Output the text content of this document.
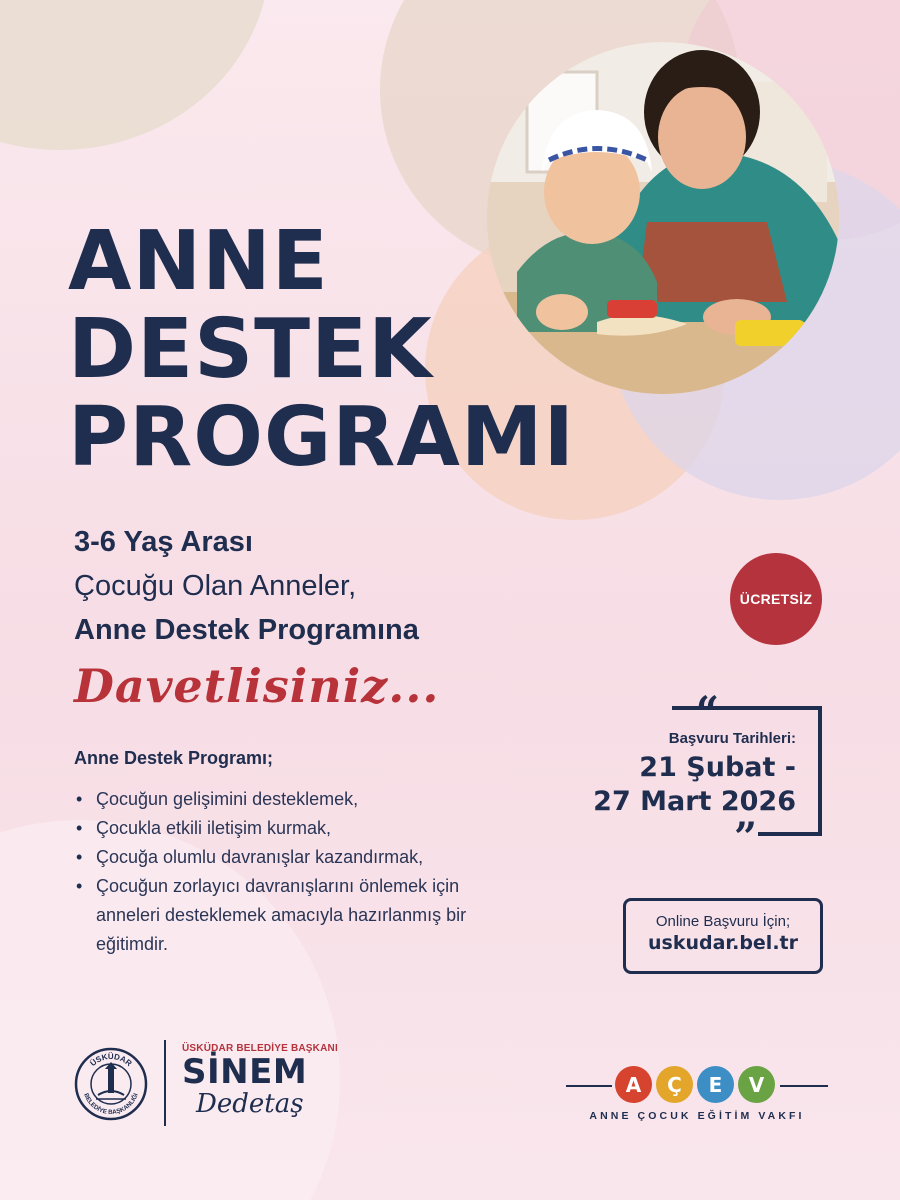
ANNE
DESTEK
PROGRAMI
3-6 Yaş Arası
Çocuğu Olan Anneler,
Anne Destek Programına
Davetlisiniz...
Anne Destek Programı;
• Çocuğun gelişimini desteklemek,
• Çocukla etkili iletişim kurmak,
• Çocuğa olumlu davranışlar kazandırmak,
• Çocuğun zorlayıcı davranışlarını önlemek için anneleri desteklemek amacıyla hazırlanmış bir eğitimdir.
ÜCRETSİZ
“
”
Başvuru Tarihleri:
21 Şubat -
27 Mart 2026
Online Başvuru İçin;
uskudar.bel.tr
ÜSKÜDAR
BELEDİYE BAŞKANLIĞI
ÜSKÜDAR BELEDİYE BAŞKANI
SİNEM
Dedetaş
A	Ç	E	V
ANNE ÇOCUK EĞİTİM VAKFI
